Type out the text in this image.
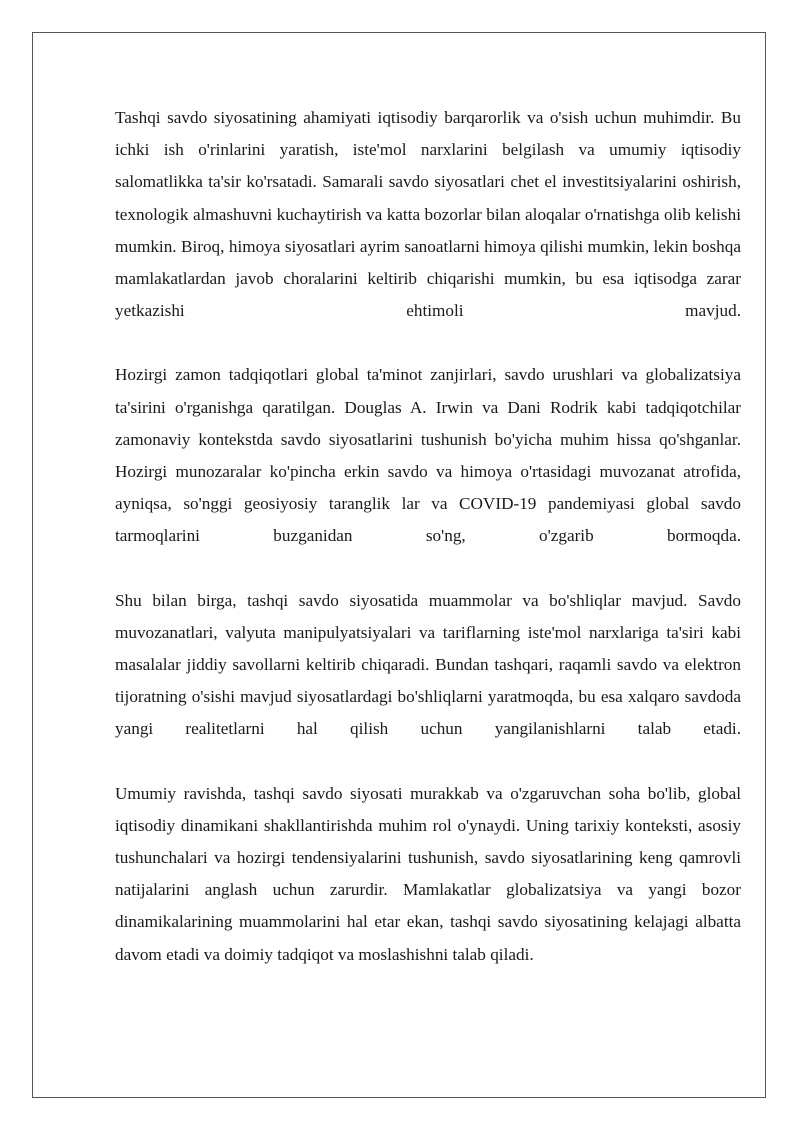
Tashqi savdo siyosatining ahamiyati iqtisodiy barqarorlik va o'sish uchun muhimdir. Bu ichki ish o'rinlarini yaratish, iste'mol narxlarini belgilash va umumiy iqtisodiy salomatlikka ta'sir ko'rsatadi. Samarali savdo siyosatlari chet el investitsiyalarini oshirish, texnologik almashuvni kuchaytirish va katta bozorlar bilan aloqalar o'rnatishga olib kelishi mumkin. Biroq, himoya siyosatlari ayrim sanoatlarni himoya qilishi mumkin, lekin boshqa mamlakatlardan javob choralarini keltirib chiqarishi mumkin, bu esa iqtisodga zarar yetkazishi ehtimoli mavjud.

Hozirgi zamon tadqiqotlari global ta'minot zanjirlari, savdo urushlari va globalizatsiya ta'sirini o'rganishga qaratilgan. Douglas A. Irwin va Dani Rodrik kabi tadqiqotchilar zamonaviy kontekstda savdo siyosatlarini tushunish bo'yicha muhim hissa qo'shganlar. Hozirgi munozaralar ko'pincha erkin savdo va himoya o'rtasidagi muvozanat atrofida, ayniqsa, so'nggi geosiyosiy taranglik lar va COVID-19 pandemiyasi global savdo tarmoqlarini buzganidan so'ng, o'zgarib bormoqda.

Shu bilan birga, tashqi savdo siyosatida muammolar va bo'shliqlar mavjud. Savdo muvozanatlari, valyuta manipulyatsiyalari va tariflarning iste'mol narxlariga ta'siri kabi masalalar jiddiy savollarni keltirib chiqaradi. Bundan tashqari, raqamli savdo va elektron tijoratning o'sishi mavjud siyosatlardagi bo'shliqlarni yaratmoqda, bu esa xalqaro savdoda yangi realitetlarni hal qilish uchun yangilanishlarni talab etadi.

Umumiy ravishda, tashqi savdo siyosati murakkab va o'zgaruvchan soha bo'lib, global iqtisodiy dinamikani shakllantirishda muhim rol o'ynaydi. Uning tarixiy konteksti, asosiy tushunchalari va hozirgi tendensiyalarini tushunish, savdo siyosatlarining keng qamrovli natijalarini anglash uchun zarurdir. Mamlakatlar globalizatsiya va yangi bozor dinamikalarining muammolarini hal etar ekan, tashqi savdo siyosatining kelajagi albatta davom etadi va doimiy tadqiqot va moslashishni talab qiladi.
